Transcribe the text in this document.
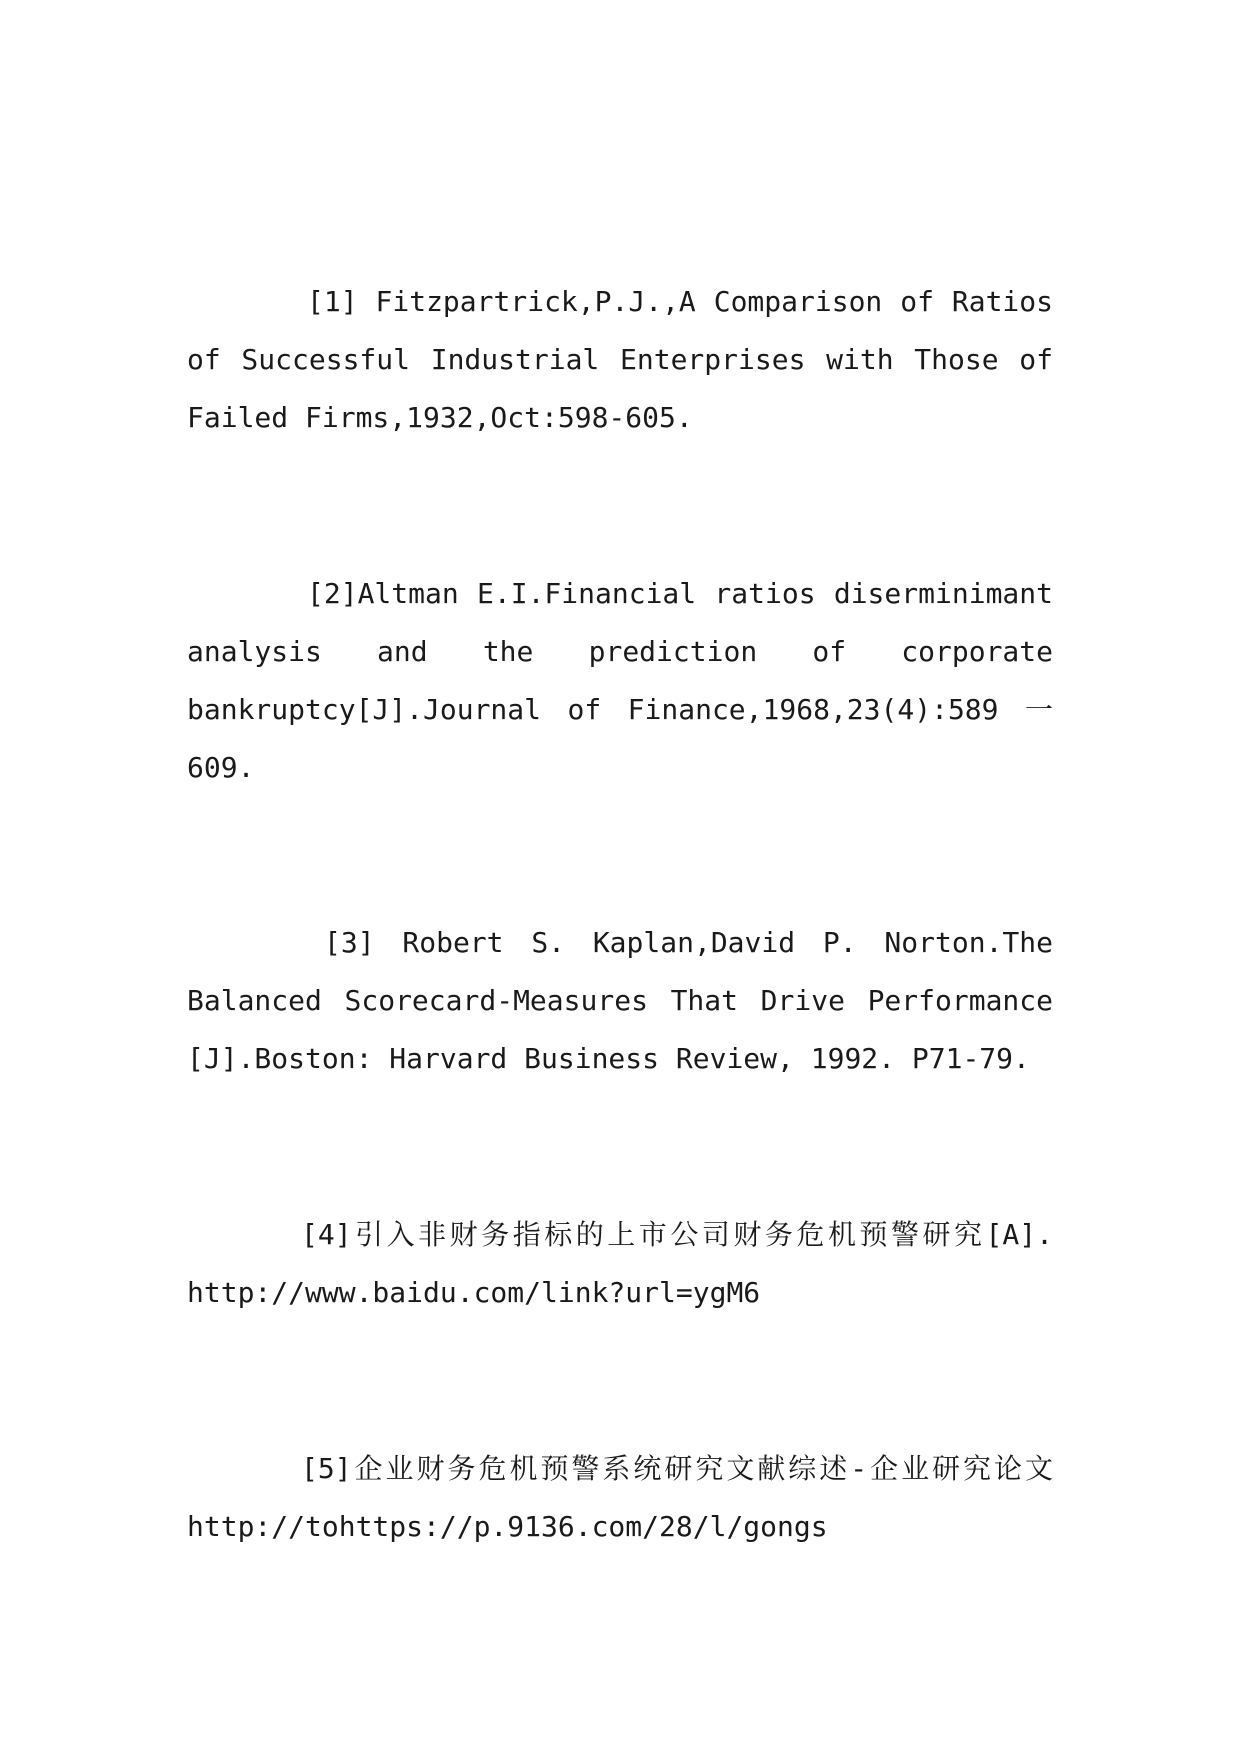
[1] Fitzpartrick,P.J.,A Comparison of Ratios of Successful Industrial Enterprises with Those of Failed Firms,1932,Oct:598-605.

[2]Altman E.I.Financial ratios diserminimant analysis and the prediction of corporate bankruptcy[J].Journal of Finance,1968,23(4):589 一 609.

[3] Robert S. Kaplan,David P. Norton.The Balanced Scorecard-Measures That Drive Performance [J].Boston: Harvard Business Review, 1992. P71-79.

[4]引入非财务指标的上市公司财务危机预警研究[A]. http://www.baidu.com/link?url=ygM6

[5]企业财务危机预警系统研究文献综述-企业研究论文 http://tohttps://p.9136.com/28/l/gongs
